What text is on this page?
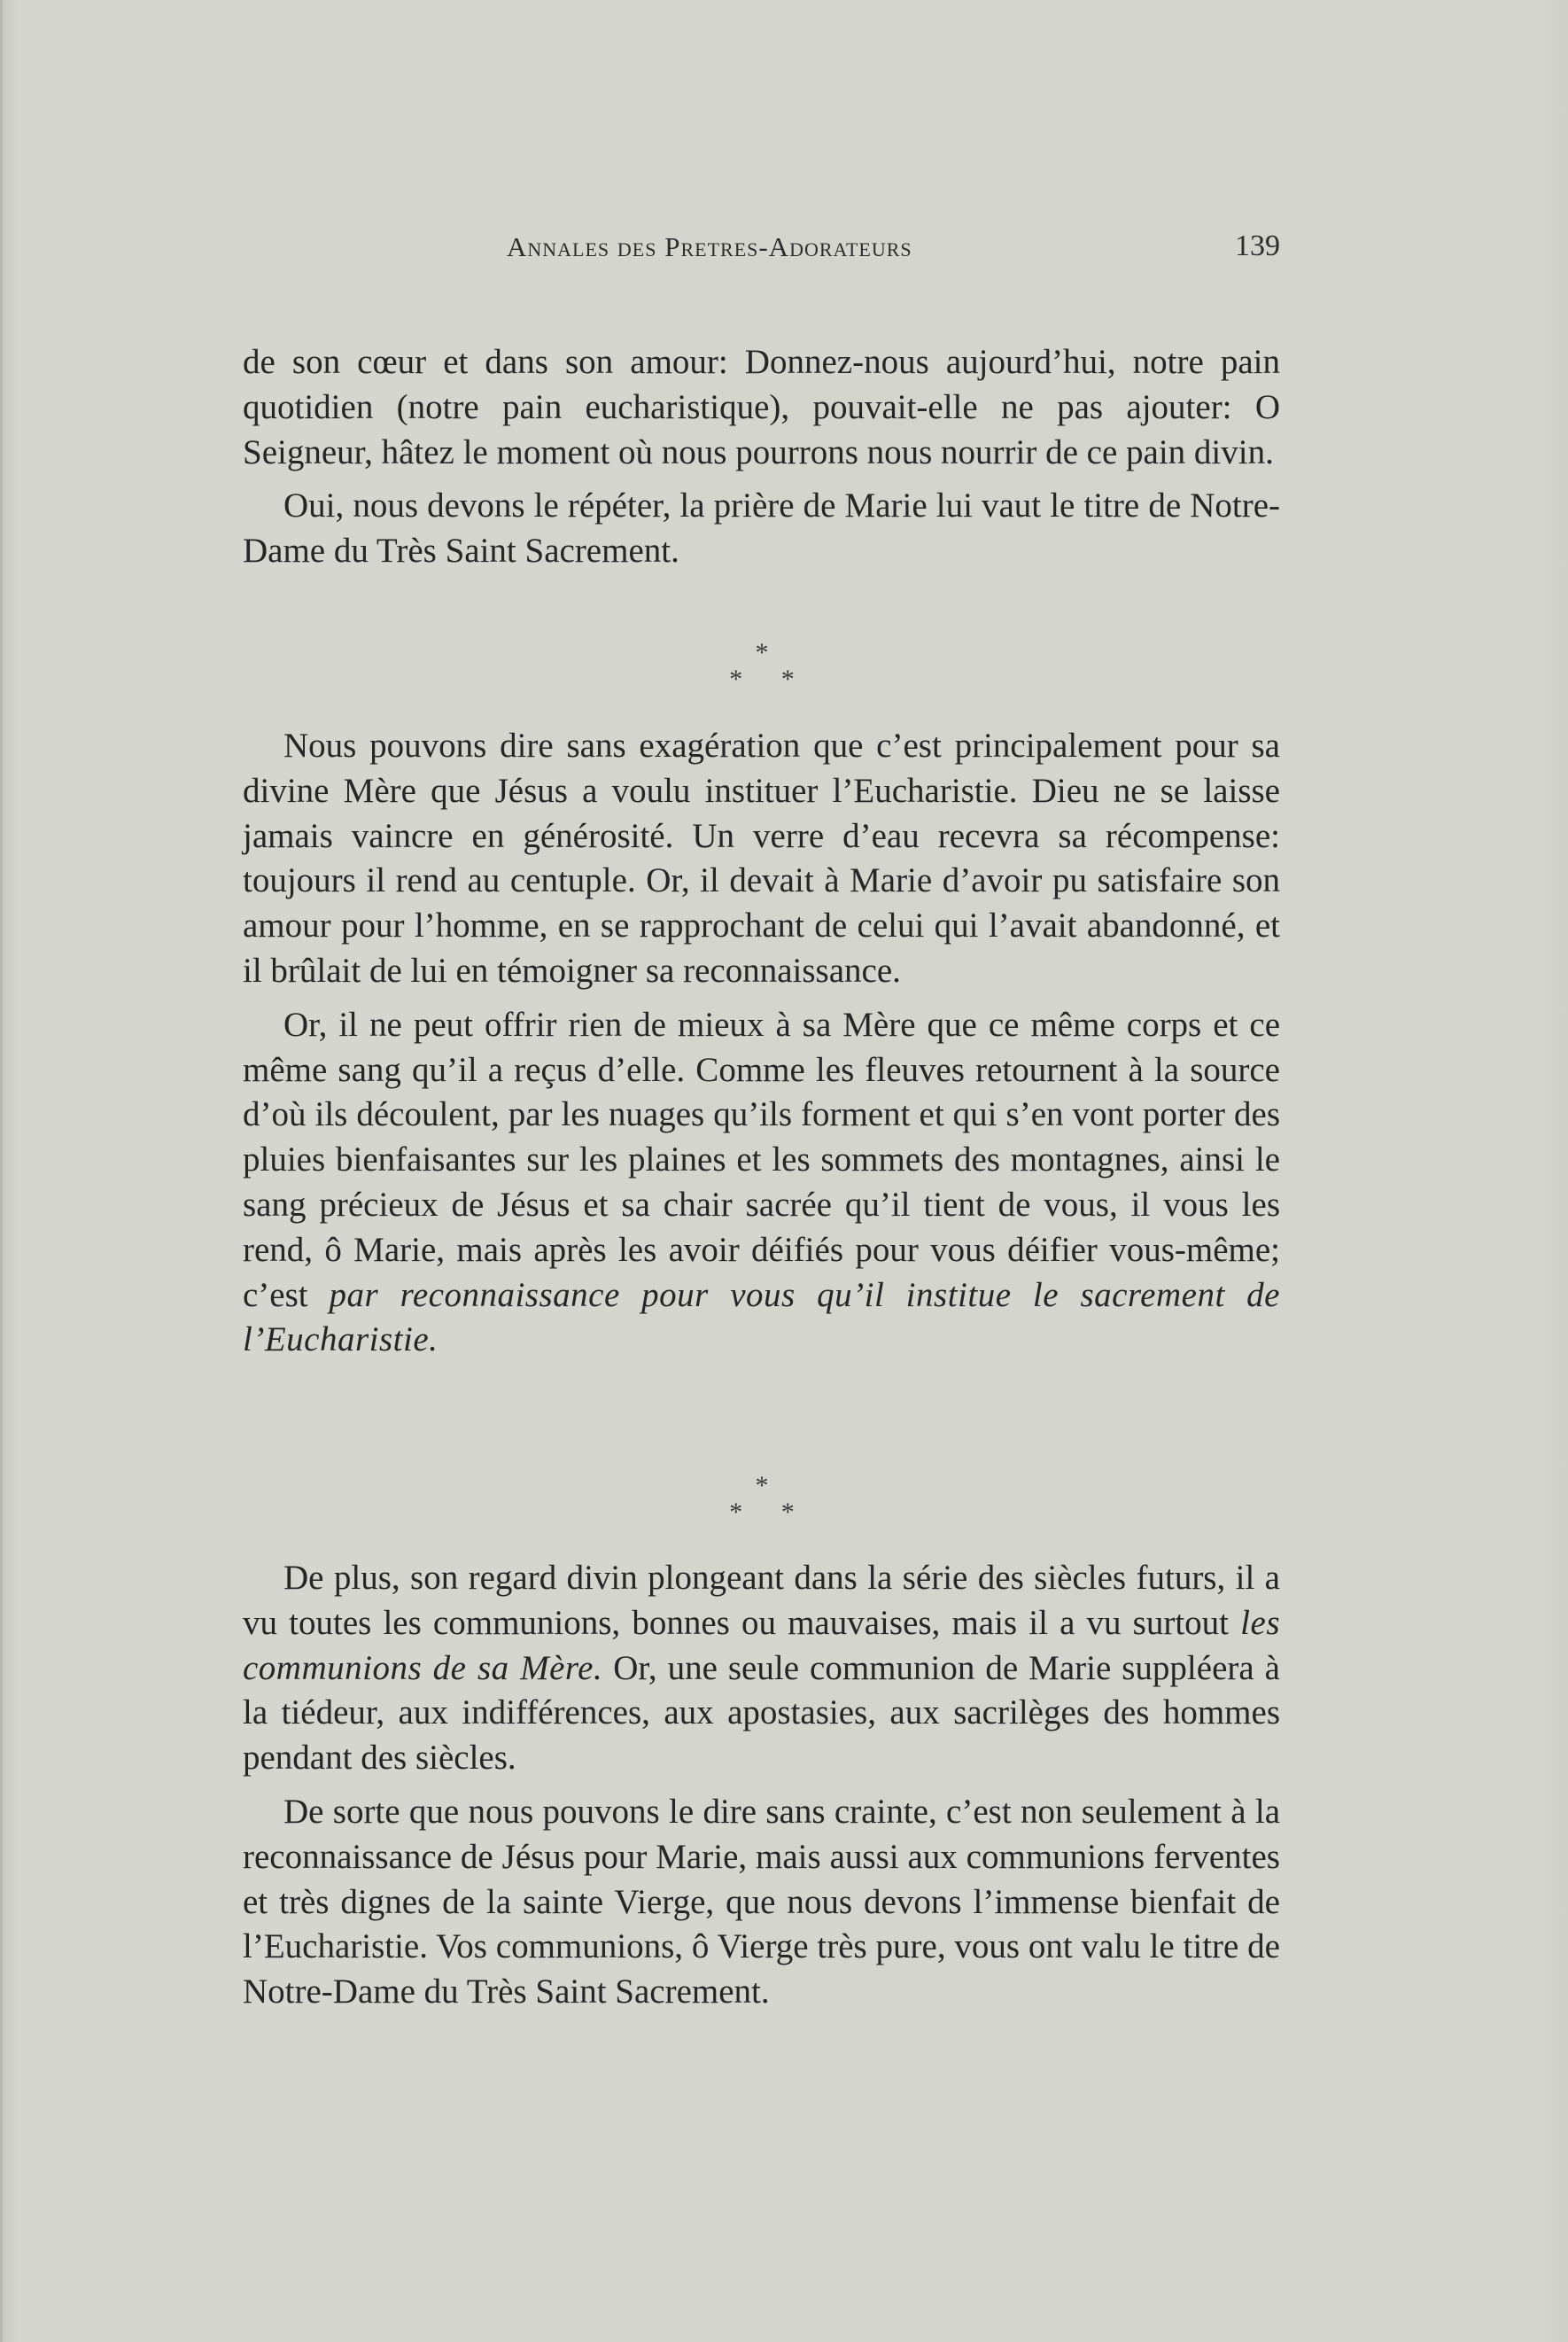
Annales des Pretres-Adorateurs	139

de son cœur et dans son amour: Donnez-nous aujourd’hui, notre pain quotidien (notre pain eucharistique), pouvait-elle ne pas ajouter: O Seigneur, hâtez le moment où nous pourrons nous nourrir de ce pain divin.

Oui, nous devons le répéter, la prière de Marie lui vaut le titre de Notre-Dame du Très Saint Sacrement.

*
* *

Nous pouvons dire sans exagération que c’est principalement pour sa divine Mère que Jésus a voulu instituer l’Eucharistie. Dieu ne se laisse jamais vaincre en générosité. Un verre d’eau recevra sa récompense: toujours il rend au centuple. Or, il devait à Marie d’avoir pu satisfaire son amour pour l’homme, en se rapprochant de celui qui l’avait abandonné, et il brûlait de lui en témoigner sa reconnaissance.

Or, il ne peut offrir rien de mieux à sa Mère que ce même corps et ce même sang qu’il a reçus d’elle. Comme les fleuves retournent à la source d’où ils découlent, par les nuages qu’ils forment et qui s’en vont porter des pluies bienfaisantes sur les plaines et les sommets des montagnes, ainsi le sang précieux de Jésus et sa chair sacrée qu’il tient de vous, il vous les rend, ô Marie, mais après les avoir déifiés pour vous déifier vous-même; c’est par reconnaissance pour vous qu’il institue le sacrement de l’Eucharistie.

*
* *

De plus, son regard divin plongeant dans la série des siècles futurs, il a vu toutes les communions, bonnes ou mauvaises, mais il a vu surtout les communions de sa Mère. Or, une seule communion de Marie suppléera à la tiédeur, aux indifférences, aux apostasies, aux sacrilèges des hommes pendant des siècles.

De sorte que nous pouvons le dire sans crainte, c’est non seulement à la reconnaissance de Jésus pour Marie, mais aussi aux communions ferventes et très dignes de la sainte Vierge, que nous devons l’immense bienfait de l’Eucharistie. Vos communions, ô Vierge très pure, vous ont valu le titre de Notre-Dame du Très Saint Sacrement.
